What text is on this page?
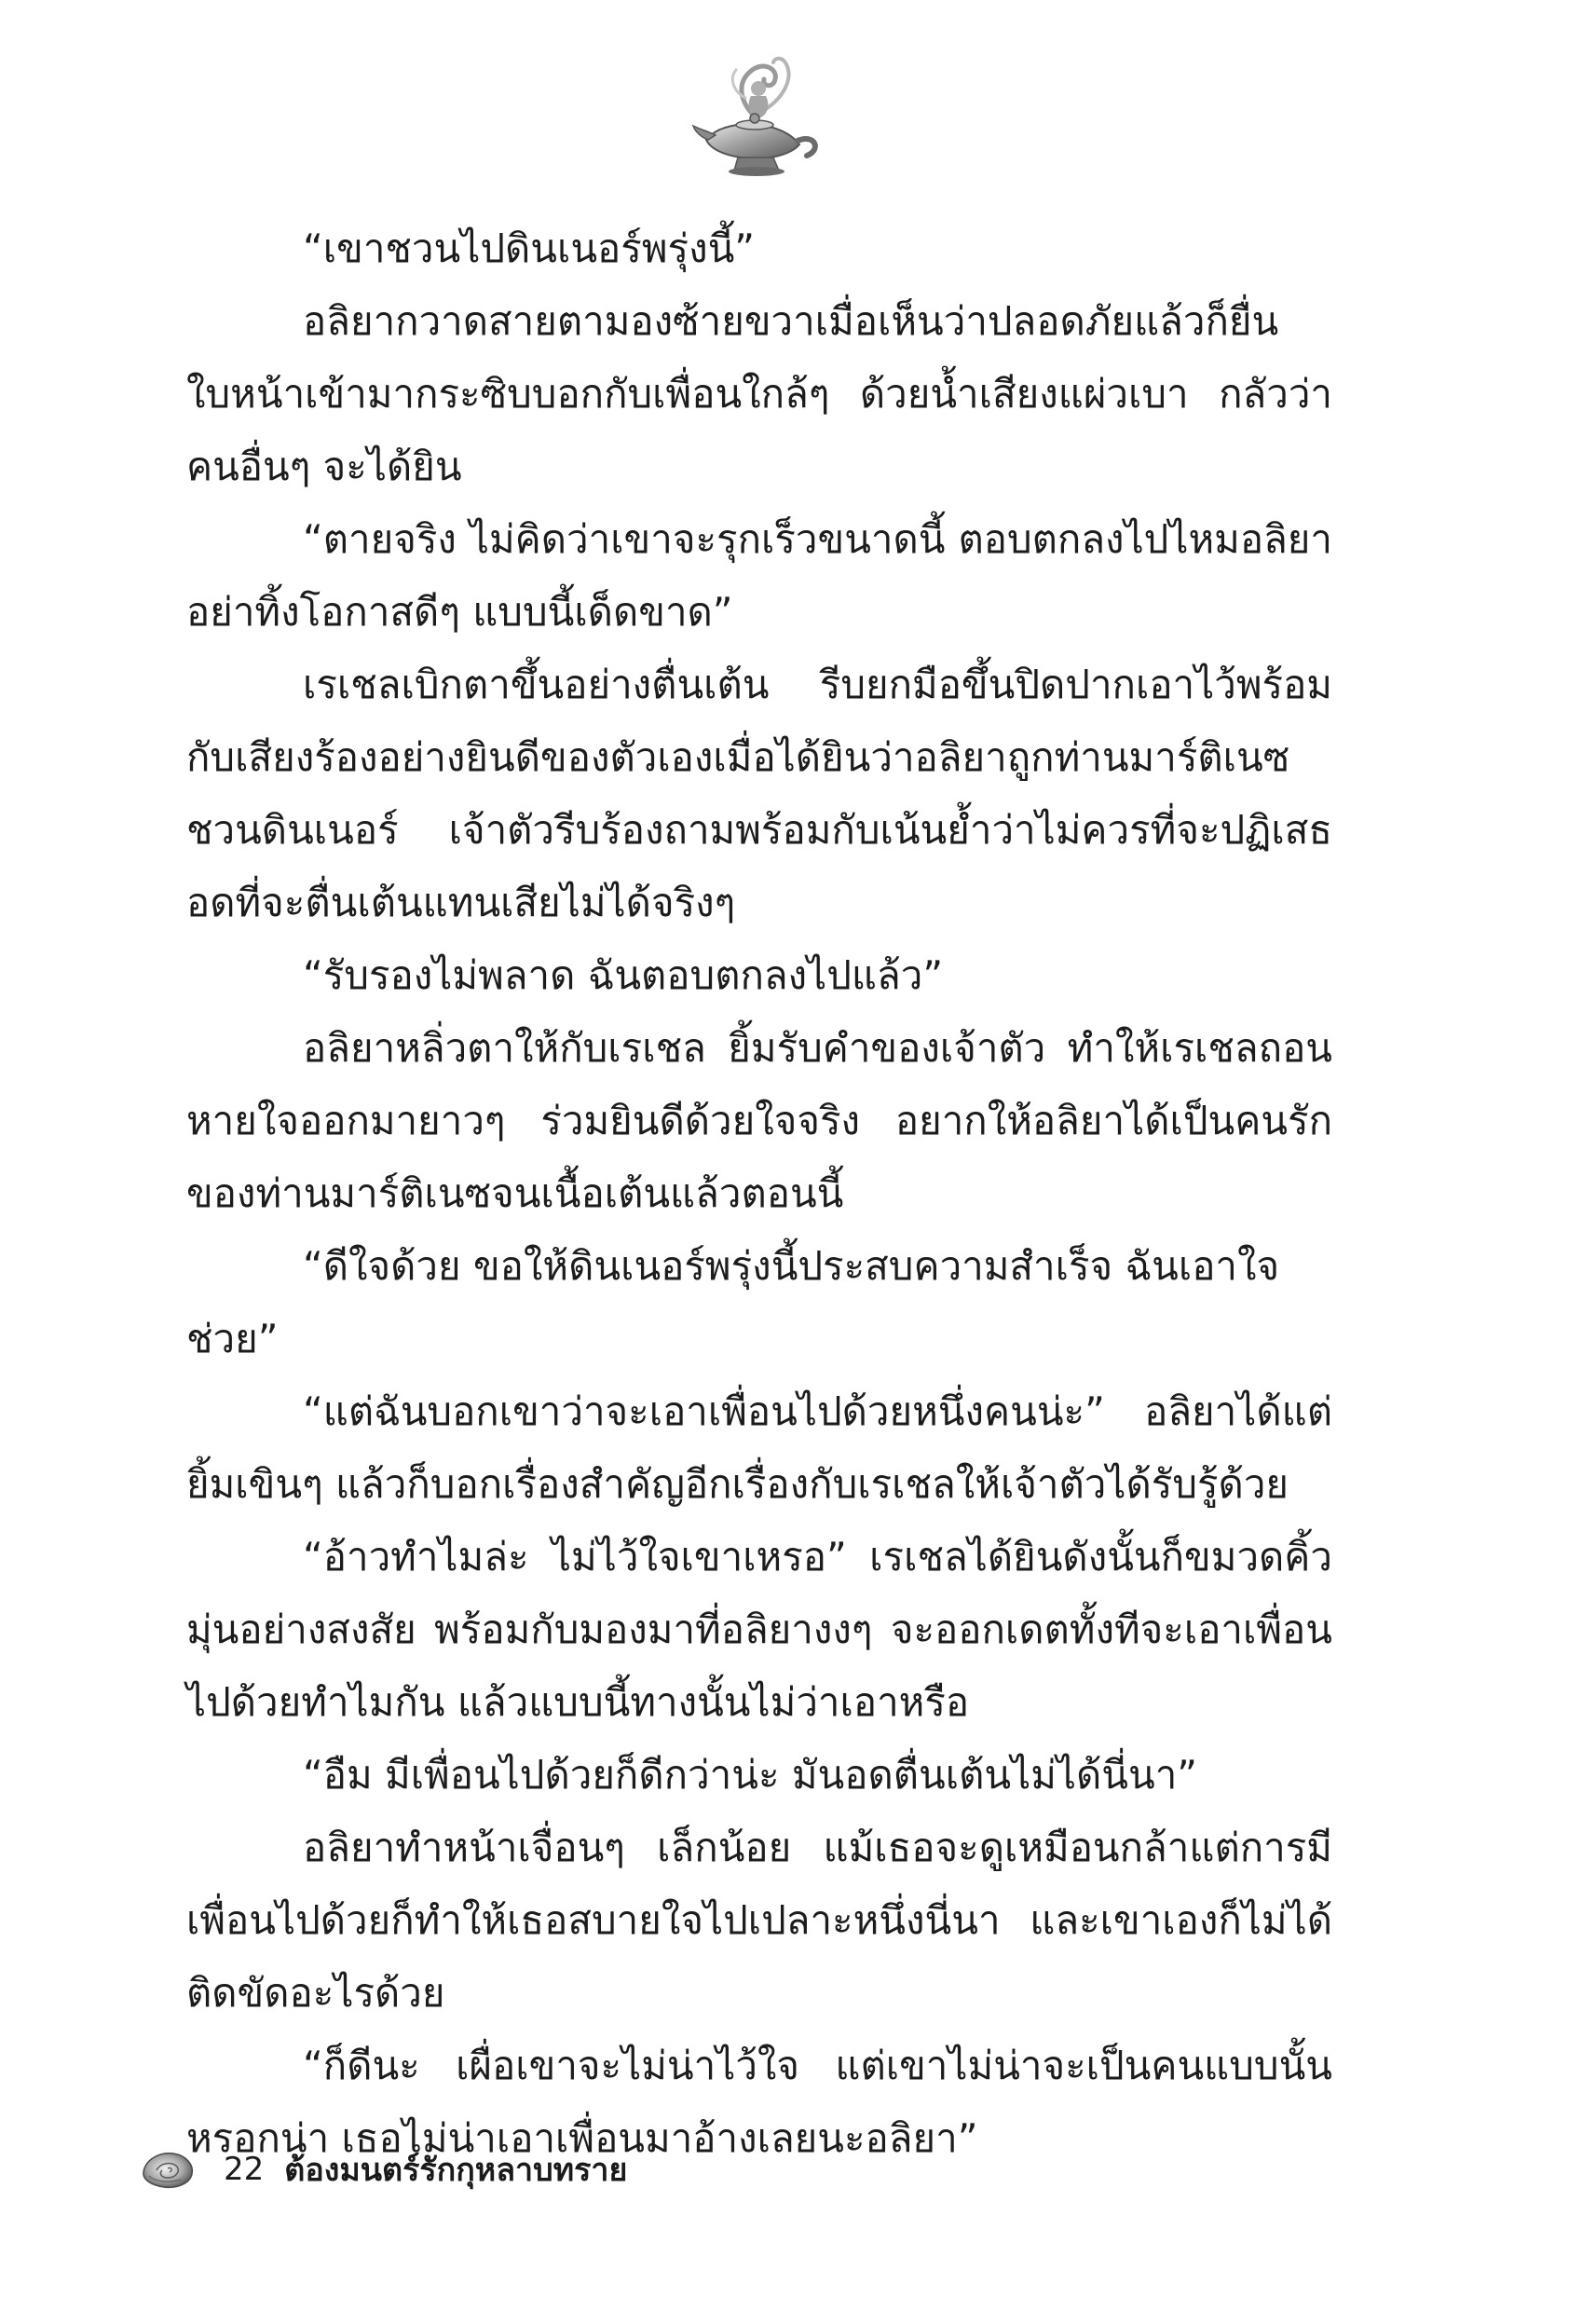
“เขาชวนไปดินเนอร์พรุ่งนี้”

อลิยากวาดสายตามองซ้ายขวาเมื่อเห็นว่าปลอดภัยแล้วก็ยื่นใบหน้าเข้ามากระซิบบอกกับเพื่อนใกล้ๆ ด้วยน้ำเสียงแผ่วเบา กลัวว่าคนอื่นๆ จะได้ยิน

“ตายจริง ไม่คิดว่าเขาจะรุกเร็วขนาดนี้ ตอบตกลงไปไหมอลิยา อย่าทิ้งโอกาสดีๆ แบบนี้เด็ดขาด”

เรเชลเบิกตาขึ้นอย่างตื่นเต้น รีบยกมือขึ้นปิดปากเอาไว้พร้อมกับเสียงร้องอย่างยินดีของตัวเองเมื่อได้ยินว่าอลิยาถูกท่านมาร์ติเนซชวนดินเนอร์ เจ้าตัวรีบร้องถามพร้อมกับเน้นย้ำว่าไม่ควรที่จะปฏิเสธ อดที่จะตื่นเต้นแทนเสียไม่ได้จริงๆ

“รับรองไม่พลาด ฉันตอบตกลงไปแล้ว”

อลิยาหลิ่วตาให้กับเรเชล ยิ้มรับคำของเจ้าตัว ทำให้เรเชลถอนหายใจออกมายาวๆ ร่วมยินดีด้วยใจจริง อยากให้อลิยาได้เป็นคนรักของท่านมาร์ติเนซจนเนื้อเต้นแล้วตอนนี้

“ดีใจด้วย ขอให้ดินเนอร์พรุ่งนี้ประสบความสำเร็จ ฉันเอาใจช่วย”

“แต่ฉันบอกเขาว่าจะเอาเพื่อนไปด้วยหนึ่งคนน่ะ” อลิยาได้แต่ยิ้มเขินๆ แล้วก็บอกเรื่องสำคัญอีกเรื่องกับเรเชลให้เจ้าตัวได้รับรู้ด้วย

“อ้าวทำไมล่ะ ไม่ไว้ใจเขาเหรอ” เรเชลได้ยินดังนั้นก็ขมวดคิ้วมุ่นอย่างสงสัย พร้อมกับมองมาที่อลิยางงๆ จะออกเดตทั้งทีจะเอาเพื่อนไปด้วยทำไมกัน แล้วแบบนี้ทางนั้นไม่ว่าเอาหรือ

“อืม มีเพื่อนไปด้วยก็ดีกว่าน่ะ มันอดตื่นเต้นไม่ได้นี่นา”

อลิยาทำหน้าเจื่อนๆ เล็กน้อย แม้เธอจะดูเหมือนกล้าแต่การมีเพื่อนไปด้วยก็ทำให้เธอสบายใจไปเปลาะหนึ่งนี่นา และเขาเองก็ไม่ได้ติดขัดอะไรด้วย

“ก็ดีนะ เผื่อเขาจะไม่น่าไว้ใจ แต่เขาไม่น่าจะเป็นคนแบบนั้นหรอกน่า เธอไม่น่าเอาเพื่อนมาอ้างเลยนะอลิยา”

22 ต้องมนตร์รักกุหลาบทราย
